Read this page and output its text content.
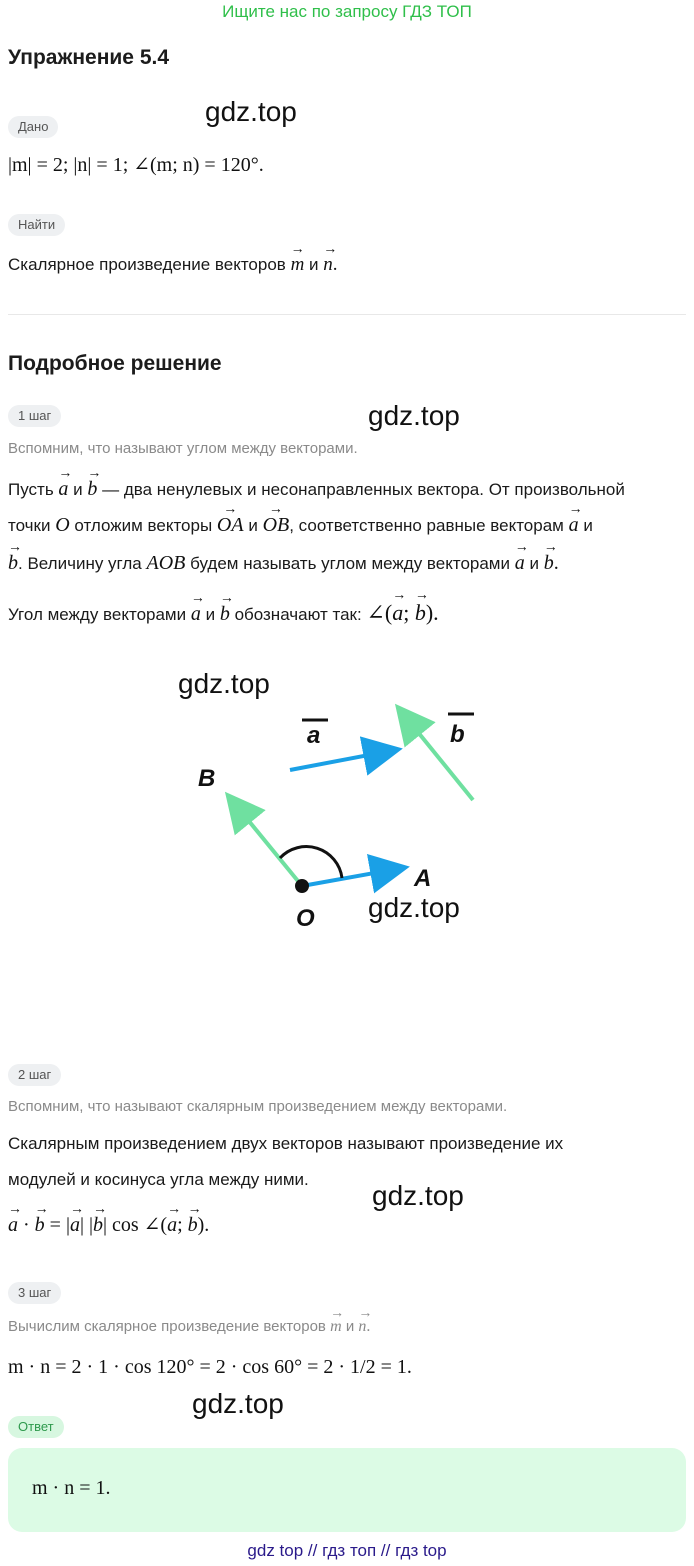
Ищите нас по запросу ГДЗ ТОП
Упражнение 5.4
Дано	gdz.top
|m| = 2; |n| = 1; ∠(m; n) = 120°.
Найти
Скалярное произведение векторов → m и → n.
Подробное решение
1 шаг	gdz.top
Вспомним, что называют углом между векторами.
Пусть → a и → b — два ненулевых и несонаправленных вектора. От произвольной
точки O отложим векторы → OA и → OB, соответственно равные векторам → a и
→ b. Величину угла AOB будем называть углом между векторами → a и → b.
Угол между векторами → a и → b обозначают так: ∠(→ a; → b).
gdz.top
a	b
B
A
O gdz.top
2 шаг
Вспомним, что называют скалярным произведением между векторами.
Скалярным произведением двух векторов называют произведение их
модулей и косинуса угла между ними.
gdz.top
→ a · → b = |→ a| |→ b| cos ∠(→ a; → b).
3 шаг
Вычислим скалярное произведение векторов → m и → n.
m · n = 2 · 1 · cos 120° = 2 · cos 60° = 2 · 1/2 = 1.
gdz.top
Ответ
m · n = 1.
gdz top // гдз топ // гдз top
